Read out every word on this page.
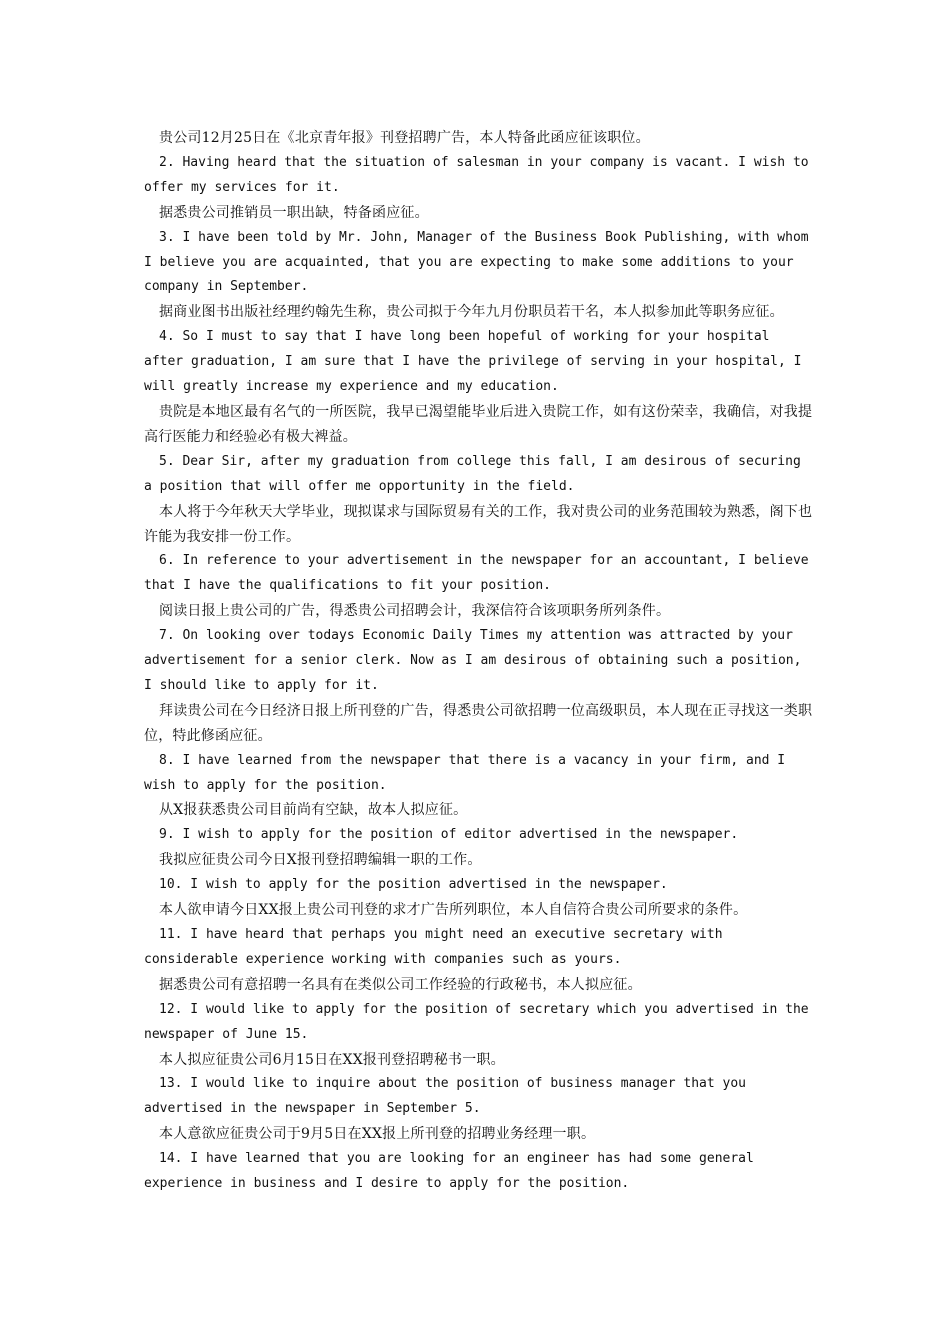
贵公司12月25日在《北京青年报》刊登招聘广告，本人特备此函应征该职位。

2. Having heard that the situation of salesman in your company is vacant. I wish to offer my services for it.

据悉贵公司推销员一职出缺，特备函应征。

3. I have been told by Mr. John, Manager of the Business Book Publishing, with whom I believe you are acquainted, that you are expecting to make some additions to your company in September.

据商业图书出版社经理约翰先生称，贵公司拟于今年九月份职员若干名，本人拟参加此等职务应征。

4. So I must to say that I have long been hopeful of working for your hospital after graduation, I am sure that I have the privilege of serving in your hospital, I will greatly increase my experience and my education.

贵院是本地区最有名气的一所医院，我早已渴望能毕业后进入贵院工作，如有这份荣幸，我确信，对我提高行医能力和经验必有极大裨益。

5. Dear Sir, after my graduation from college this fall, I am desirous of securing a position that will offer me opportunity in the field.

本人将于今年秋天大学毕业，现拟谋求与国际贸易有关的工作，我对贵公司的业务范围较为熟悉，阁下也许能为我安排一份工作。

6. In reference to your advertisement in the newspaper for an accountant, I believe that I have the qualifications to fit your position.

阅读日报上贵公司的广告，得悉贵公司招聘会计，我深信符合该项职务所列条件。

7. On looking over todays Economic Daily Times my attention was attracted by your advertisement for a senior clerk. Now as I am desirous of obtaining such a position, I should like to apply for it.

拜读贵公司在今日经济日报上所刊登的广告，得悉贵公司欲招聘一位高级职员，本人现在正寻找这一类职位，特此修函应征。

8. I have learned from the newspaper that there is a vacancy in your firm, and I wish to apply for the position.

从X报获悉贵公司目前尚有空缺，故本人拟应征。

9. I wish to apply for the position of editor advertised in the newspaper.

我拟应征贵公司今日X报刊登招聘编辑一职的工作。

10. I wish to apply for the position advertised in the newspaper.

本人欲申请今日XX报上贵公司刊登的求才广告所列职位，本人自信符合贵公司所要求的条件。

11. I have heard that perhaps you might need an executive secretary with considerable experience working with companies such as yours.

据悉贵公司有意招聘一名具有在类似公司工作经验的行政秘书，本人拟应征。

12. I would like to apply for the position of secretary which you advertised in the newspaper of June 15.

本人拟应征贵公司6月15日在XX报刊登招聘秘书一职。

13. I would like to inquire about the position of business manager that you advertised in the newspaper in September 5.

本人意欲应征贵公司于9月5日在XX报上所刊登的招聘业务经理一职。

14. I have learned that you are looking for an engineer has had some general experience in business and I desire to apply for the position.
